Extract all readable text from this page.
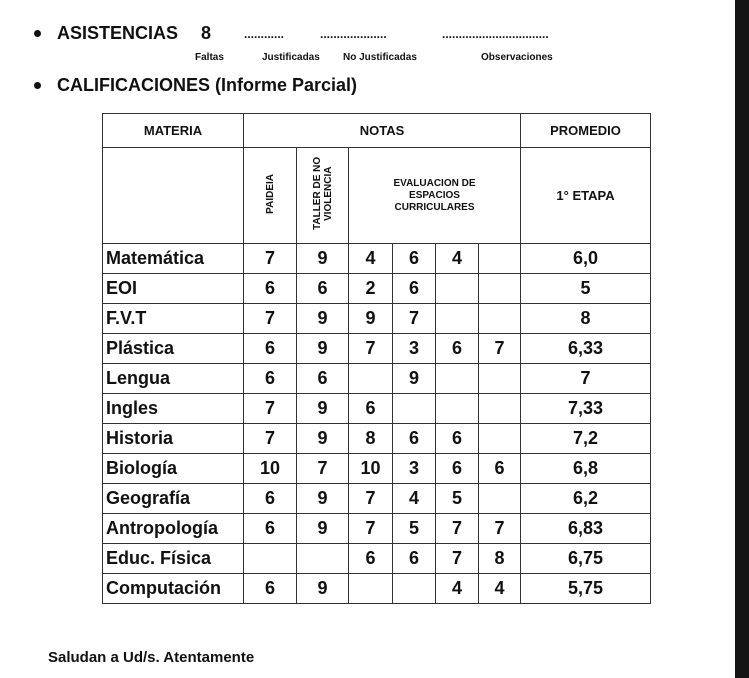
ASISTENCIAS 8	............	....................	................................
Faltas	Justificadas No Justificadas	Observaciones
CALIFICACIONES (Informe Parcial)
MATERIA	NOTAS						PROMEDIO
	PAIDEIA	TALLER DE NO VIOLENCIA	EVALUACION DE ESPACIOS CURRICULARES				1° ETAPA
Matemática	7	9	4	6	4		6,0
EOI	6	6	2	6			5
F.V.T	7	9	9	7			8
Plástica	6	9	7	3	6	7	6,33
Lengua	6	6		9			7
Ingles	7	9	6				7,33
Historia	7	9	8	6	6		7,2
Biología	10	7	10	3	6	6	6,8
Geografía	6	9	7	4	5		6,2
Antropología	6	9	7	5	7	7	6,83
Educ. Física			6	6	7	8	6,75
Computación	6	9			4	4	5,75
Saludan a Ud/s. Atentamente
